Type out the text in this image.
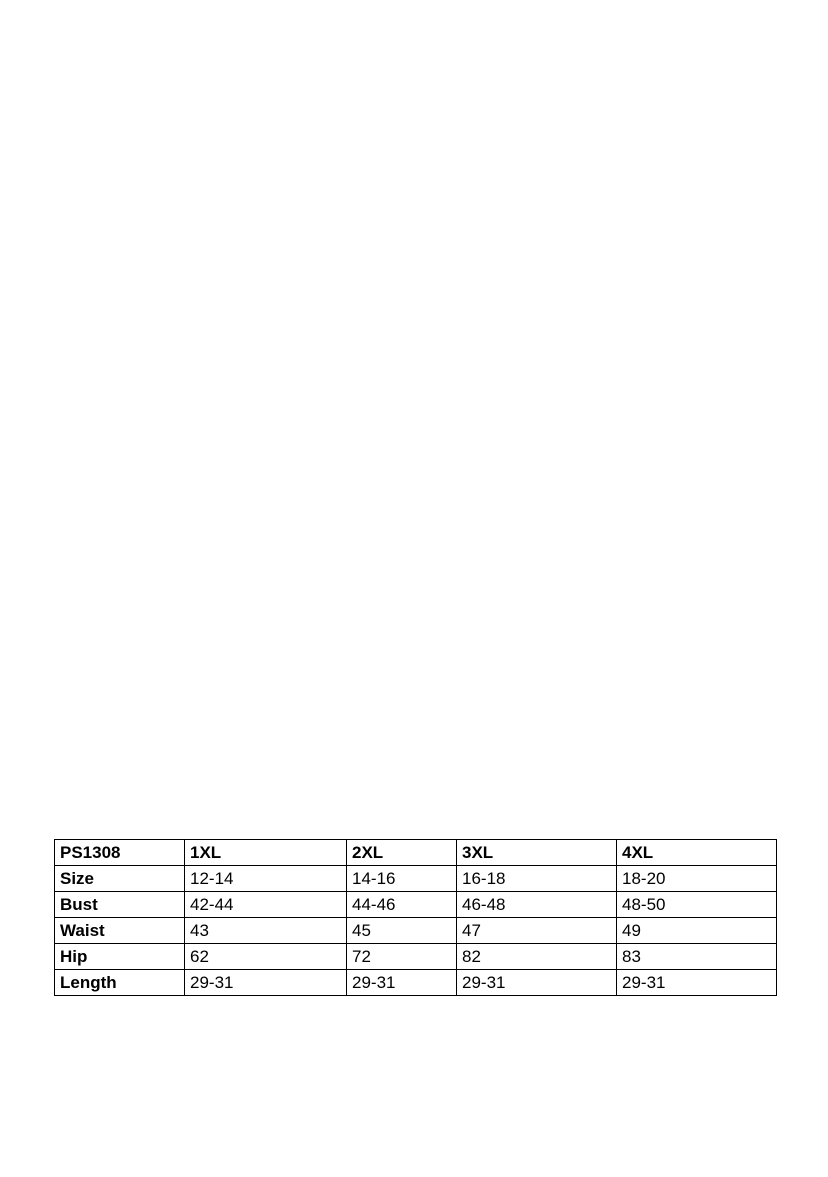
PS1308	1XL	2XL	3XL	4XL
Size	12-14	14-16	16-18	18-20
Bust	42-44	44-46	46-48	48-50
Waist	43	45	47	49
Hip	62	72	82	83
Length	29-31	29-31	29-31	29-31
